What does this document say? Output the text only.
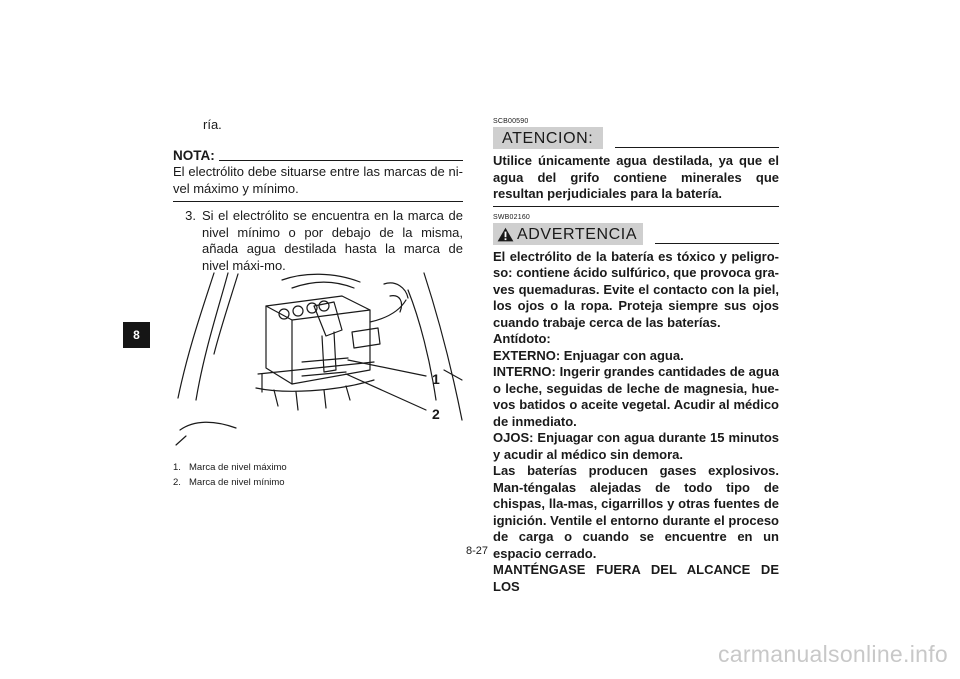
8
ría.
NOTA:
El electrólito debe situarse entre las marcas de ni-vel máximo y mínimo.
3. Si el electrólito se encuentra en la marca de nivel mínimo o por debajo de la misma, añada agua destilada hasta la marca de nivel máxi-mo.
1
2
1. Marca de nivel máximo
2. Marca de nivel mínimo
SCB00590
ATENCION:
Utilice únicamente agua destilada, ya que el agua del grifo contiene minerales que resultan perjudiciales para la batería.
SWB02160
ADVERTENCIA
El electrólito de la batería es tóxico y peligro-so: contiene ácido sulfúrico, que provoca gra-ves quemaduras. Evite el contacto con la piel, los ojos o la ropa. Proteja siempre sus ojos cuando trabaje cerca de las baterías.
Antídoto:
EXTERNO: Enjuagar con agua.
INTERNO: Ingerir grandes cantidades de agua o leche, seguidas de leche de magnesia, hue-vos batidos o aceite vegetal. Acudir al médico de inmediato.
OJOS: Enjuagar con agua durante 15 minutos y acudir al médico sin demora.
Las baterías producen gases explosivos. Man-téngalas alejadas de todo tipo de chispas, lla-mas, cigarrillos y otras fuentes de ignición. Ventile el entorno durante el proceso de carga o cuando se encuentre en un espacio cerrado.
MANTÉNGASE FUERA DEL ALCANCE DE LOS
8-27
carmanualsonline.info
